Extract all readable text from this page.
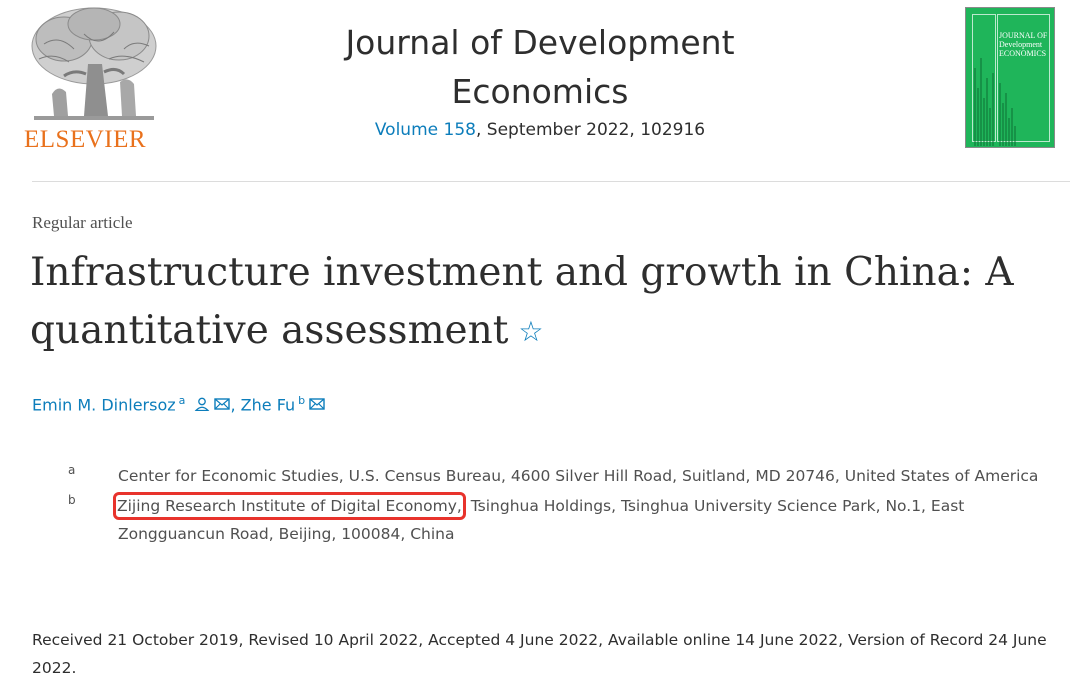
ELSEVIER
Journal of Development Economics
Volume 158, September 2022, 102916
JOURNAL OF
Development
ECONOMICS
Regular article
Infrastructure investment and growth in China: A quantitative assessment ☆
Emin M. Dinlersoz $^a$	, Zhe Fu $^b$
a	Center for Economic Studies, U.S. Census Bureau, 4600 Silver Hill Road, Suitland, MD 20746, United States of America
b	Zijing Research Institute of Digital Economy, Tsinghua Holdings, Tsinghua University Science Park, No.1, East Zongguancun Road, Beijing, 100084, China
Received 21 October 2019, Revised 10 April 2022, Accepted 4 June 2022, Available online 14 June 2022, Version of Record 24 June 2022.
